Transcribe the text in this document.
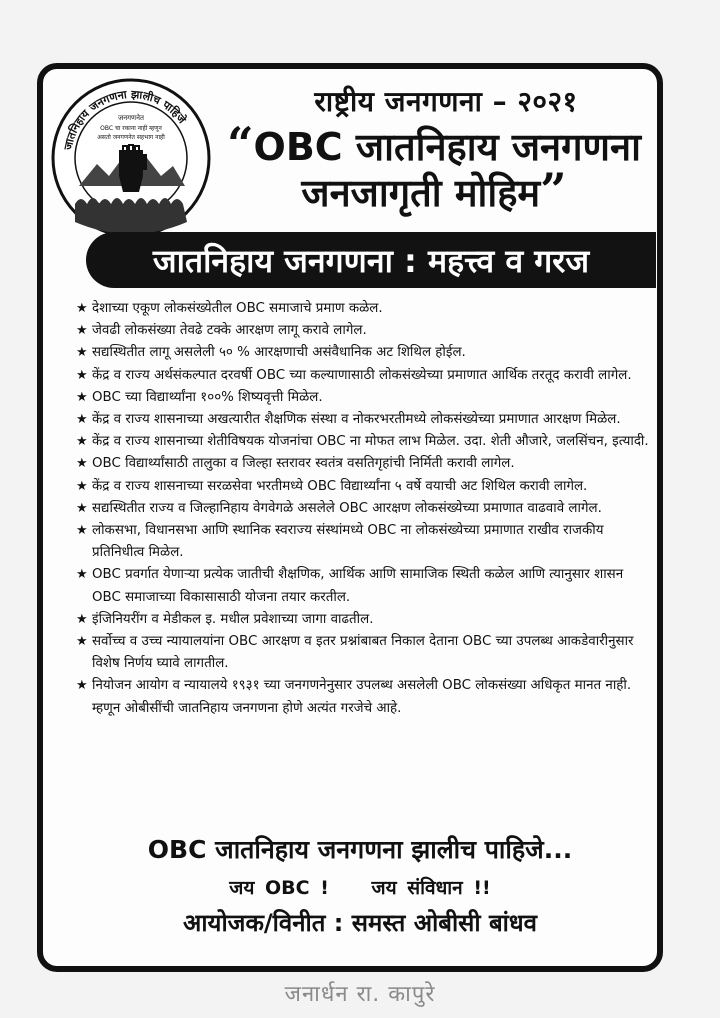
जातनिहाय जनगणना झालीच पाहिजे
जनगणनेत
OBC चा रकाना नाही म्हणून
असतो जनगणनेत सहभाग नाही
राष्ट्रीय जनगणना – २०२१
“OBC जातनिहाय जनगणना
जनजागृती मोहिम”
जातनिहाय जनगणना : महत्त्व व गरज
★ देशाच्या एकूण लोकसंख्येतील OBC समाजाचे प्रमाण कळेल.
★ जेवढी लोकसंख्या तेवढे टक्के आरक्षण लागू करावे लागेल.
★ सद्यस्थितीत लागू असलेली ५० % आरक्षणाची असंवैधानिक अट शिथिल होईल.
★ केंद्र व राज्य अर्थसंकल्पात दरवर्षी OBC च्या कल्याणासाठी लोकसंख्येच्या प्रमाणात आर्थिक तरतूद करावी लागेल.
★ OBC च्या विद्यार्थ्यांना १००% शिष्यवृत्ती मिळेल.
★ केंद्र व राज्य शासनाच्या अखत्यारीत शैक्षणिक संस्था व नोकरभरतीमध्ये लोकसंख्येच्या प्रमाणात आरक्षण मिळेल.
★ केंद्र व राज्य शासनाच्या शेतीविषयक योजनांचा OBC ना मोफत लाभ मिळेल. उदा. शेती औजारे, जलसिंचन, इत्यादी.
★ OBC विद्यार्थ्यांसाठी तालुका व जिल्हा स्तरावर स्वतंत्र वसतिगृहांची निर्मिती करावी लागेल.
★ केंद्र व राज्य शासनाच्या सरळसेवा भरतीमध्ये OBC विद्यार्थ्यांना ५ वर्षे वयाची अट शिथिल करावी लागेल.
★ सद्यस्थितीत राज्य व जिल्हानिहाय वेगवेगळे असलेले OBC आरक्षण लोकसंख्येच्या प्रमाणात वाढवावे लागेल.
★ लोकसभा, विधानसभा आणि स्थानिक स्वराज्य संस्थांमध्ये OBC ना लोकसंख्येच्या प्रमाणात राखीव राजकीय प्रतिनिधीत्व मिळेल.
★ OBC प्रवर्गात येणाऱ्या प्रत्येक जातीची शैक्षणिक, आर्थिक आणि सामाजिक स्थिती कळेल आणि त्यानुसार शासन OBC समाजाच्या विकासासाठी योजना तयार करतील.
★ इंजिनियरींग व मेडीकल इ. मधील प्रवेशाच्या जागा वाढतील.
★ सर्वोच्च व उच्च न्यायालयांना OBC आरक्षण व इतर प्रश्नांबाबत निकाल देताना OBC च्या उपलब्ध आकडेवारीनुसार विशेष निर्णय घ्यावे लागतील.
★ नियोजन आयोग व न्यायालये १९३१ च्या जनगणनेनुसार उपलब्ध असलेली OBC लोकसंख्या अधिकृत मानत नाही. म्हणून ओबीसींची जातनिहाय जनगणना होणे अत्यंत गरजेचे आहे.
OBC जातनिहाय जनगणना झालीच पाहिजे...
जय OBC ! जय संविधान !!
आयोजक/विनीत : समस्त ओबीसी बांधव
जनार्धन रा. कापुरे
